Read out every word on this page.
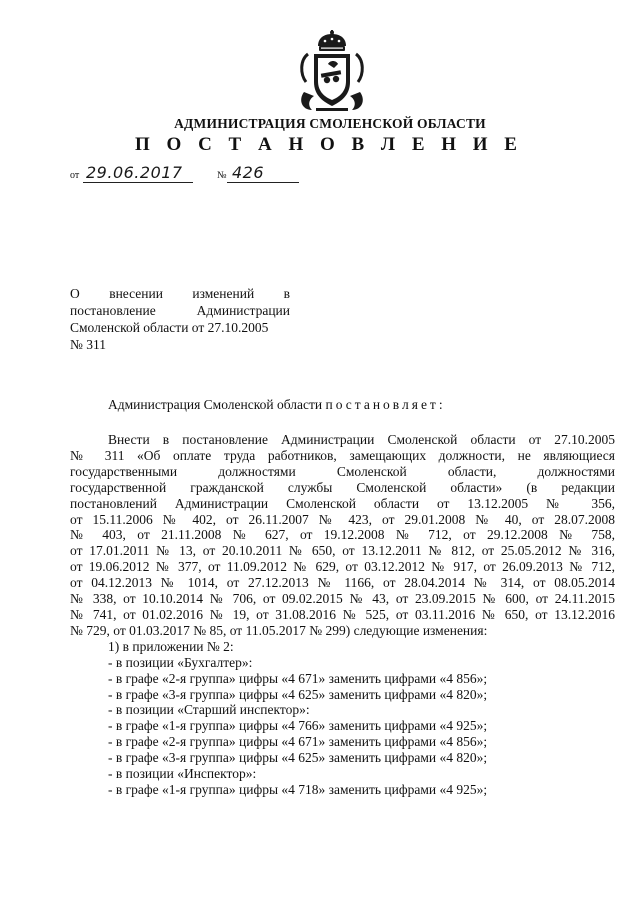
АДМИНИСТРАЦИЯ СМОЛЕНСКОЙ ОБЛАСТИ
П О С Т А Н О В Л Е Н И Е
от 29.06.2017	№ 426
О внесении изменений в
постановление Администрации
Смоленской области от 27.10.2005
№ 311
Администрация Смоленской области постановляет:
Внести в постановление Администрации Смоленской области от 27.10.2005
№ 311 «Об оплате труда работников, замещающих должности, не являющиеся
государственными должностями Смоленской области, должностями
государственной гражданской службы Смоленской области» (в редакции
постановлений Администрации Смоленской области от 13.12.2005 № 356,
от 15.11.2006 № 402, от 26.11.2007 № 423, от 29.01.2008 № 40, от 28.07.2008
№ 403, от 21.11.2008 № 627, от 19.12.2008 № 712, от 29.12.2008 № 758,
от 17.01.2011 № 13, от 20.10.2011 № 650, от 13.12.2011 № 812, от 25.05.2012 № 316,
от 19.06.2012 № 377, от 11.09.2012 № 629, от 03.12.2012 № 917, от 26.09.2013 № 712,
от 04.12.2013 № 1014, от 27.12.2013 № 1166, от 28.04.2014 № 314, от 08.05.2014
№ 338, от 10.10.2014 № 706, от 09.02.2015 № 43, от 23.09.2015 № 600, от 24.11.2015
№ 741, от 01.02.2016 № 19, от 31.08.2016 № 525, от 03.11.2016 № 650, от 13.12.2016
№ 729, от 01.03.2017 № 85, от 11.05.2017 № 299) следующие изменения:
1) в приложении № 2:
- в позиции «Бухгалтер»:
- в графе «2-я группа» цифры «4 671» заменить цифрами «4 856»;
- в графе «3-я группа» цифры «4 625» заменить цифрами «4 820»;
- в позиции «Старший инспектор»:
- в графе «1-я группа» цифры «4 766» заменить цифрами «4 925»;
- в графе «2-я группа» цифры «4 671» заменить цифрами «4 856»;
- в графе «3-я группа» цифры «4 625» заменить цифрами «4 820»;
- в позиции «Инспектор»:
- в графе «1-я группа» цифры «4 718» заменить цифрами «4 925»;
